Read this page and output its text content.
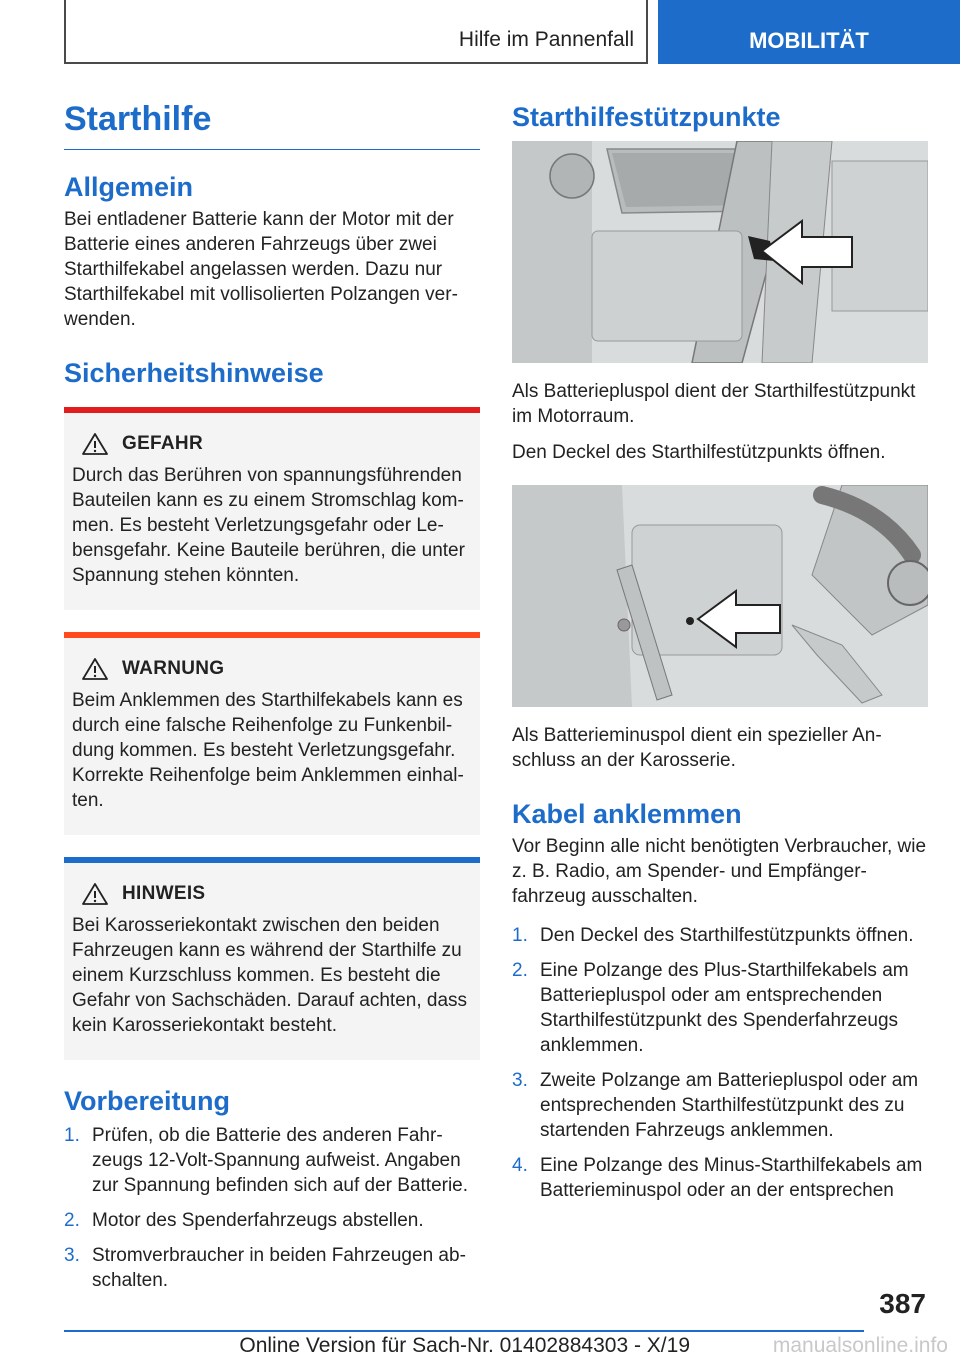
Hilfe im Pannenfall	MOBILITÄT
Starthilfe
Allgemein

Bei entladener Batterie kann der Motor mit der Batterie eines anderen Fahrzeugs über zwei Starthilfekabel angelassen werden. Dazu nur Starthilfekabel mit vollisolierten Polzangen verwenden.

Sicherheitshinweise
GEFAHR

Durch das Berühren von spannungsführenden Bauteilen kann es zu einem Stromschlag kommen. Es besteht Verletzungsgefahr oder Lebensgefahr. Keine Bauteile berühren, die unter Spannung stehen könnten.

WARNUNG

Beim Anklemmen des Starthilfekabels kann es durch eine falsche Reihenfolge zu Funkenbildung kommen. Es besteht Verletzungsgefahr. Korrekte Reihenfolge beim Anklemmen einhalten.

HINWEIS

Bei Karosseriekontakt zwischen den beiden Fahrzeugen kann es während der Starthilfe zu einem Kurzschluss kommen. Es besteht die Gefahr von Sachschäden. Darauf achten, dass kein Karosseriekontakt besteht.

Vorbereitung
1. Prüfen, ob die Batterie des anderen Fahrzeugs 12-Volt-Spannung aufweist. Angaben zur Spannung befinden sich auf der Batterie.
2. Motor des Spenderfahrzeugs abstellen.
3. Stromverbraucher in beiden Fahrzeugen abschalten.
Starthilfestützpunkte

Als Batteriepluspol dient der Starthilfestützpunkt im Motorraum.

Den Deckel des Starthilfestützpunkts öffnen.

Als Batterieminuspol dient ein spezieller Anschluss an der Karosserie.

Kabel anklemmen

Vor Beginn alle nicht benötigten Verbraucher, wie z. B. Radio, am Spender- und Empfängerfahrzeug ausschalten.

1. Den Deckel des Starthilfestützpunkts öffnen.
2. Eine Polzange des Plus-Starthilfekabels am Batteriepluspol oder am entsprechenden Starthilfestützpunkt des Spenderfahrzeugs anklemmen.
3. Zweite Polzange am Batteriepluspol oder am entsprechenden Starthilfestützpunkt des zu startenden Fahrzeugs anklemmen.
4. Eine Polzange des Minus-Starthilfekabels am Batterieminuspol oder an der entsprechen
387
Online Version für Sach-Nr. 01402884303 - X/19	manualsonline.info
